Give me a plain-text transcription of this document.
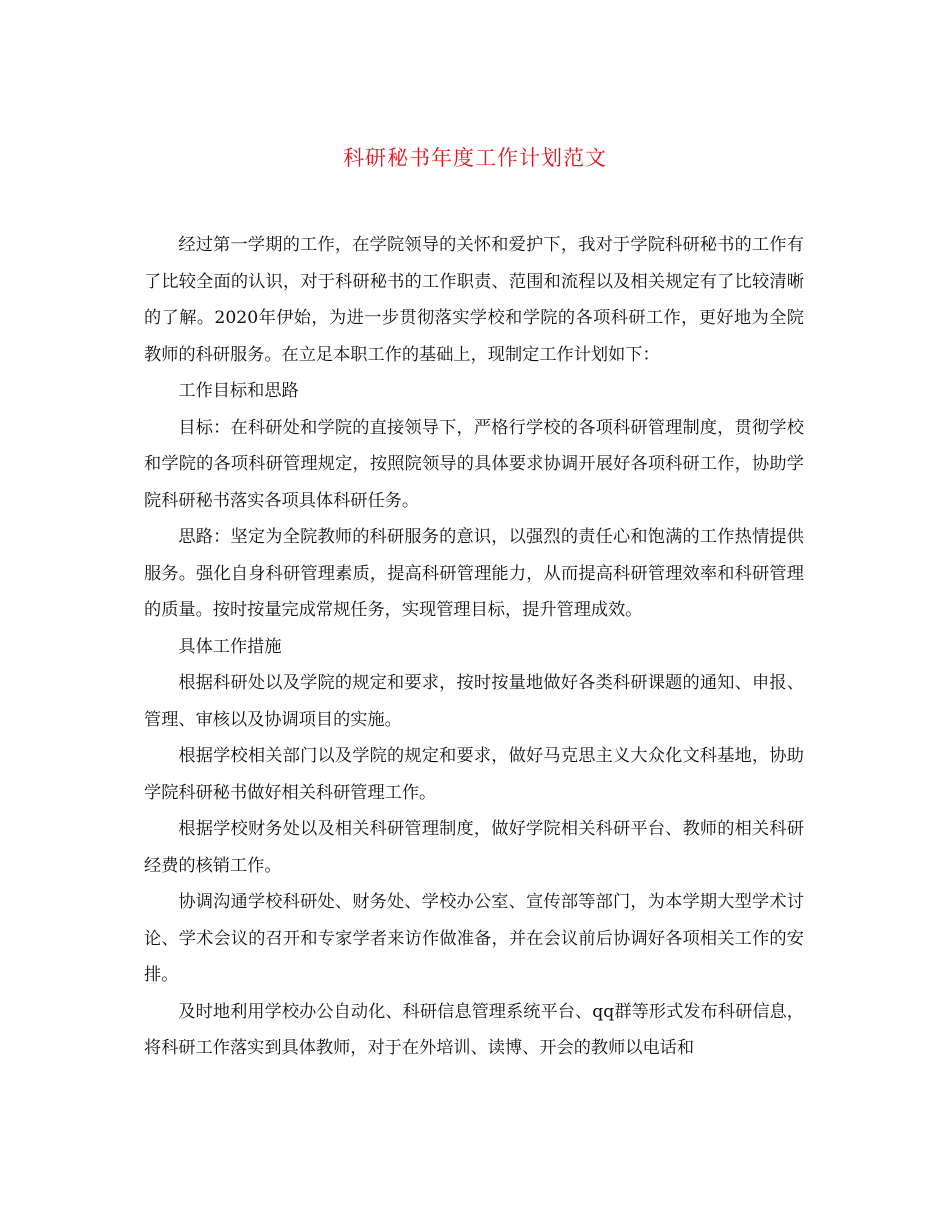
科研秘书年度工作计划范文

经过第一学期的工作，在学院领导的关怀和爱护下，我对于学院科研秘书的工作有了比较全面的认识，对于科研秘书的工作职责、范围和流程以及相关规定有了比较清晰的了解。2020年伊始，为进一步贯彻落实学校和学院的各项科研工作，更好地为全院教师的科研服务。在立足本职工作的基础上，现制定工作计划如下：

工作目标和思路

目标：在科研处和学院的直接领导下，严格行学校的各项科研管理制度，贯彻学校和学院的各项科研管理规定，按照院领导的具体要求协调开展好各项科研工作，协助学院科研秘书落实各项具体科研任务。

思路：坚定为全院教师的科研服务的意识，以强烈的责任心和饱满的工作热情提供服务。强化自身科研管理素质，提高科研管理能力，从而提高科研管理效率和科研管理的质量。按时按量完成常规任务，实现管理目标，提升管理成效。

具体工作措施

根据科研处以及学院的规定和要求，按时按量地做好各类科研课题的通知、申报、管理、审核以及协调项目的实施。

根据学校相关部门以及学院的规定和要求，做好马克思主义大众化文科基地，协助学院科研秘书做好相关科研管理工作。

根据学校财务处以及相关科研管理制度，做好学院相关科研平台、教师的相关科研经费的核销工作。

协调沟通学校科研处、财务处、学校办公室、宣传部等部门，为本学期大型学术讨论、学术会议的召开和专家学者来访作做准备，并在会议前后协调好各项相关工作的安排。

及时地利用学校办公自动化、科研信息管理系统平台、qq群等形式发布科研信息，将科研工作落实到具体教师，对于在外培训、读博、开会的教师以电话和
